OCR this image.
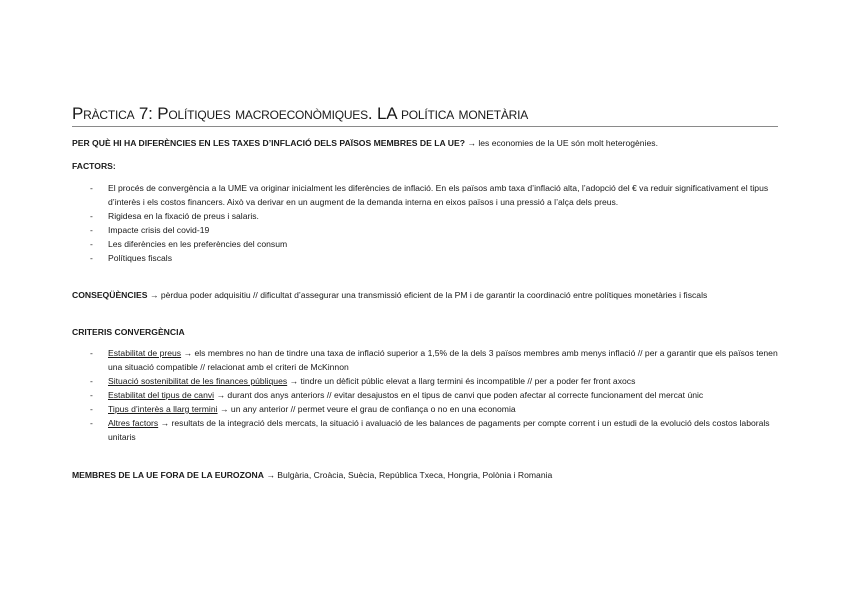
Pràctica 7: Polítiques macroeconòmiques. LA política monetària
PER QUÈ HI HA DIFERÈNCIES EN LES TAXES D’INFLACIÓ DELS PAÏSOS MEMBRES DE LA UE? → les economies de la UE són molt heterogènies.
FACTORS:
- El procés de convergència a la UME va originar inicialment les diferències de inflació. En els països amb taxa d’inflació alta, l’adopció del € va reduir significativament el tipus d’interès i els costos financers. Això va derivar en un augment de la demanda interna en eixos països i una pressió a l’alça dels preus.
- Rigidesa en la fixació de preus i salaris.
- Impacte crisis del covid-19
- Les diferències en les preferències del consum
- Polítiques fiscals
CONSEQÜÈNCIES → pèrdua poder adquisitiu // dificultat d’assegurar una transmissió eficient de la PM i de garantir la coordinació entre polítiques monetàries i fiscals
CRITERIS CONVERGÈNCIA
- Estabilitat de preus → els membres no han de tindre una taxa de inflació superior a 1,5% de la dels 3 països membres amb menys inflació // per a garantir que els països tenen una situació compatible // relacionat amb el criteri de McKinnon
- Situació sostenibilitat de les finances públiques → tindre un dèficit públic elevat a llarg termini és incompatible // per a poder fer front axocs
- Estabilitat del tipus de canvi → durant dos anys anteriors // evitar desajustos en el tipus de canvi que poden afectar al correcte funcionament del mercat únic
- Tipus d’interès a llarg termini → un any anterior // permet veure el grau de confiança o no en una economia
- Altres factors → resultats de la integració dels mercats, la situació i avaluació de les balances de pagaments per compte corrent i un estudi de la evolució dels costos laborals unitaris
MEMBRES DE LA UE FORA DE LA EUROZONA → Bulgària, Croàcia, Suècia, República Txeca, Hongria, Polònia i Romania
